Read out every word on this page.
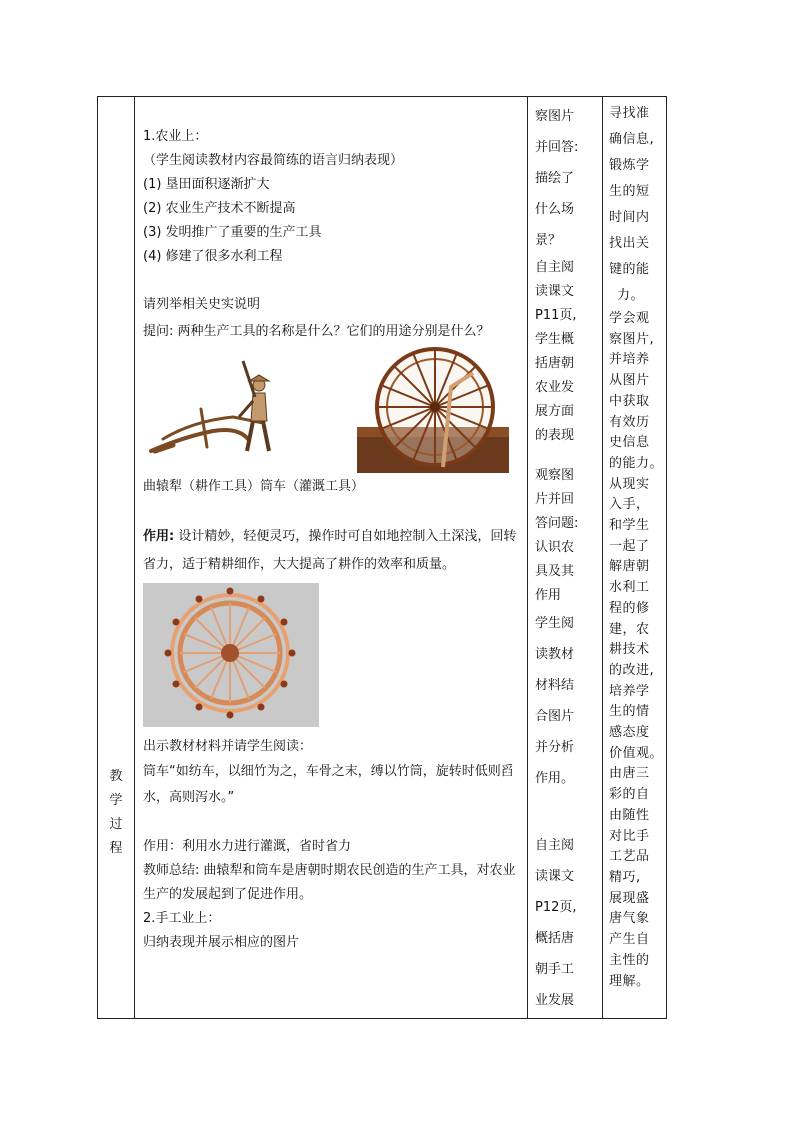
教
学
过
程

1.农业上：

（学生阅读教材内容最简练的语言归纳表现）

(1) 垦田面积逐渐扩大

(2) 农业生产技术不断提高

(3) 发明推广了重要的生产工具

(4) 修建了很多水利工程

请列举相关史实说明

提问: 两种生产工具的名称是什么？它们的用途分别是什么？

曲辕犁（耕作工具）筒车（灌溉工具）

作用: 设计精妙，轻便灵巧，操作时可自如地控制入土深浅，回转省力，适于精耕细作，大大提高了耕作的效率和质量。

出示教材材料并请学生阅读：

筒车“如纺车，以细竹为之，车骨之末，缚以竹筒，旋转时低则舀水，高则泻水。”

作用：利用水力进行灌溉，省时省力

教师总结: 曲辕犁和筒车是唐朝时期农民创造的生产工具，对农业生产的发展起到了促进作用。

2.手工业上：

归纳表现并展示相应的图片

察图片
并回答:
描绘了
什么场
景？
自主阅
读课文
P11页,
学生概
括唐朝
农业发
展方面
的表现
观察图
片并回
答问题:
认识农
具及其
作用
学生阅
读教材
材料结
合图片
并分析
作用。
自主阅
读课文
P12页,
概括唐
朝手工
业发展
寻找准
确信息,
锻炼学
生的短
时间内
找出关
键的能
力。
学会观
察图片,
并培养
从图片
中获取
有效历
史信息
的能力。
从现实
入手，
和学生
一起了
解唐朝
水利工
程的修
建，农
耕技术
的改进,
培养学
生的情
感态度
价值观。
由唐三
彩的自
由随性
对比手
工艺品
精巧,
展现盛
唐气象
产生自
主性的
理解。
